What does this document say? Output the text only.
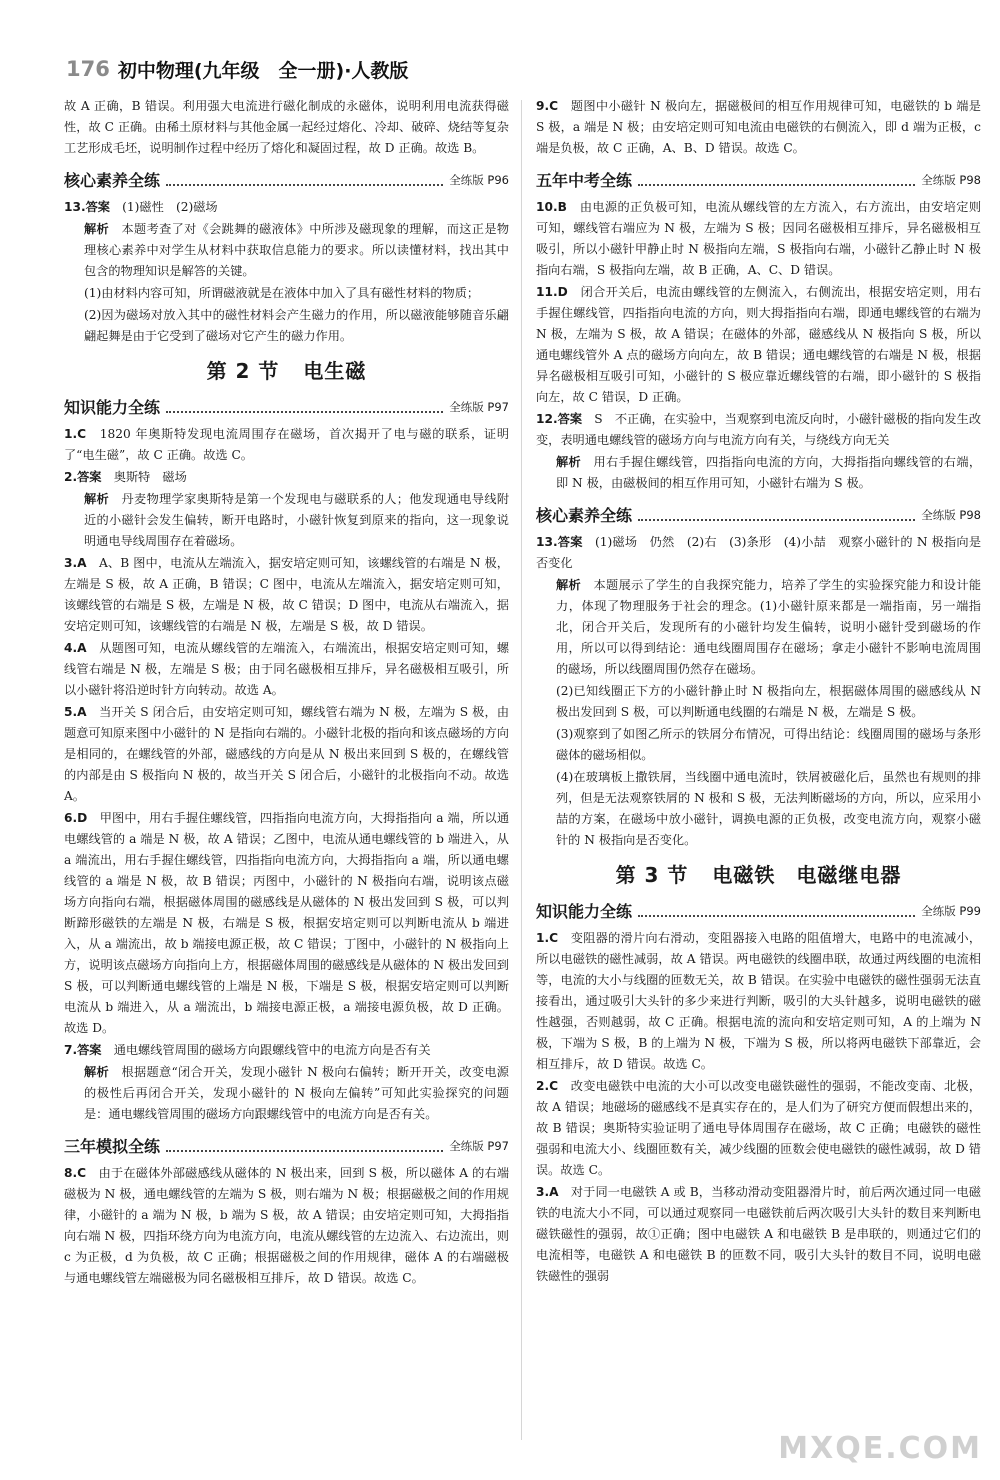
176 初中物理(九年级　全一册)·人教版

故 A 正确，B 错误。利用强大电流进行磁化制成的永磁体，说明利用电流获得磁性，故 C 正确。由稀土原材料与其他金属一起经过熔化、冷却、破碎、烧结等复杂工艺形成毛坯，说明制作过程中经历了熔化和凝固过程，故 D 正确。故选 B。

核心素养全练	全练版 P96

13.答案　 (1)磁性　(2)磁场

解析　 本题考查了对《会跳舞的磁液体》中所涉及磁现象的理解，而这正是物理核心素养中对学生从材料中获取信息能力的要求。所以读懂材料，找出其中包含的物理知识是解答的关键。

(1)由材料内容可知，所谓磁液就是在液体中加入了具有磁性材料的物质；

(2)因为磁场对放入其中的磁性材料会产生磁力的作用，所以磁液能够随音乐翩翩起舞是由于它受到了磁场对它产生的磁力作用。

第 2 节 电生磁
知识能力全练	全练版 P97

1.C　 1820 年奥斯特发现电流周围存在磁场，首次揭开了电与磁的联系，证明了“电生磁”，故 C 正确。故选 C。

2.答案　 奥斯特　磁场

解析　 丹麦物理学家奥斯特是第一个发现电与磁联系的人；他发现通电导线附近的小磁针会发生偏转，断开电路时，小磁针恢复到原来的指向，这一现象说明通电导线周围存在着磁场。

3.A　 A、B 图中，电流从左端流入，据安培定则可知，该螺线管的右端是 N 极，左端是 S 极，故 A 正确，B 错误；C 图中，电流从左端流入，据安培定则可知，该螺线管的右端是 S 极，左端是 N 极，故 C 错误；D 图中，电流从右端流入，据安培定则可知，该螺线管的右端是 N 极，左端是 S 极，故 D 错误。

4.A　 从题图可知，电流从螺线管的左端流入，右端流出，根据安培定则可知，螺线管右端是 N 极，左端是 S 极；由于同名磁极相互排斥，异名磁极相互吸引，所以小磁针将沿逆时针方向转动。故选 A。

5.A　 当开关 S 闭合后，由安培定则可知，螺线管右端为 N 极，左端为 S 极，由题意可知原来图中小磁针的 N 是指向右端的。小磁针北极的指向和该点磁场的方向是相同的，在螺线管的外部，磁感线的方向是从 N 极出来回到 S 极的，在螺线管的内部是由 S 极指向 N 极的，故当开关 S 闭合后，小磁针的北极指向不动。故选 A。

6.D　 甲图中，用右手握住螺线管，四指指向电流方向，大拇指指向 a 端，所以通电螺线管的 a 端是 N 极，故 A 错误；乙图中，电流从通电螺线管的 b 端进入，从 a 端流出，用右手握住螺线管，四指指向电流方向，大拇指指向 a 端，所以通电螺线管的 a 端是 N 极，故 B 错误；丙图中，小磁针的 N 极指向右端，说明该点磁场方向指向右端，根据磁体周围的磁感线是从磁体的 N 极出发回到 S 极，可以判断蹄形磁铁的左端是 N 极，右端是 S 极，根据安培定则可以判断电流从 b 端进入，从 a 端流出，故 b 端接电源正极，故 C 错误；丁图中，小磁针的 N 极指向上方，说明该点磁场方向指向上方，根据磁体周围的磁感线是从磁体的 N 极出发回到 S 极，可以判断通电螺线管的上端是 N 极，下端是 S 极，根据安培定则可以判断电流从 b 端进入，从 a 端流出，b 端接电源正极，a 端接电源负极，故 D 正确。故选 D。

7.答案　 通电螺线管周围的磁场方向跟螺线管中的电流方向是否有关

解析　 根据题意“闭合开关，发现小磁针 N 极向右偏转；断开开关，改变电源的极性后再闭合开关，发现小磁针的 N 极向左偏转”可知此实验探究的问题是：通电螺线管周围的磁场方向跟螺线管中的电流方向是否有关。

三年模拟全练	全练版 P97

8.C　 由于在磁体外部磁感线从磁体的 N 极出来，回到 S 极，所以磁体 A 的右端磁极为 N 极，通电螺线管的左端为 S 极，则右端为 N 极；根据磁极之间的作用规律，小磁针的 a 端为 N 极，b 端为 S 极，故 A 错误；由安培定则可知，大拇指指向右端 N 极，四指环绕方向为电流方向，电流从螺线管的左边流入、右边流出，则 c 为正极，d 为负极，故 C 正确；根据磁极之间的作用规律，磁体 A 的右端磁极与通电螺线管左端磁极为同名磁极相互排斥，故 D 错误。故选 C。

9.C　 题图中小磁针 N 极向左，据磁极间的相互作用规律可知，电磁铁的 b 端是 S 极，a 端是 N 极；由安培定则可知电流由电磁铁的右侧流入，即 d 端为正极，c 端是负极，故 C 正确，A、B、D 错误。故选 C。

五年中考全练	全练版 P98

10.B　 由电源的正负极可知，电流从螺线管的左方流入，右方流出，由安培定则可知，螺线管右端应为 N 极，左端为 S 极；因同名磁极相互排斥，异名磁极相互吸引，所以小磁针甲静止时 N 极指向左端，S 极指向右端，小磁针乙静止时 N 极指向右端，S 极指向左端，故 B 正确，A、C、D 错误。

11.D　 闭合开关后，电流由螺线管的左侧流入，右侧流出，根据安培定则，用右手握住螺线管，四指指向电流的方向，则大拇指指向右端，即通电螺线管的右端为 N 极，左端为 S 极，故 A 错误；在磁体的外部，磁感线从 N 极指向 S 极，所以通电螺线管外 A 点的磁场方向向左，故 B 错误；通电螺线管的右端是 N 极，根据异名磁极相互吸引可知，小磁针的 S 极应靠近螺线管的右端，即小磁针的 S 极指向左，故 C 错误，D 正确。

12.答案　 S　不正确，在实验中，当观察到电流反向时，小磁针磁极的指向发生改变，表明通电螺线管的磁场方向与电流方向有关，与绕线方向无关

解析　 用右手握住螺线管，四指指向电流的方向，大拇指指向螺线管的右端，即 N 极，由磁极间的相互作用可知，小磁针右端为 S 极。

核心素养全练	全练版 P98

13.答案　 (1)磁场　仍然　(2)右　(3)条形　(4)小喆　观察小磁针的 N 极指向是否变化

解析　 本题展示了学生的自我探究能力，培养了学生的实验探究能力和设计能力，体现了物理服务于社会的理念。(1)小磁针原来都是一端指南，另一端指北，闭合开关后，发现所有的小磁针均发生偏转，说明小磁针受到磁场的作用，所以可以得到结论：通电线圈周围存在磁场；拿走小磁针不影响电流周围的磁场，所以线圈周围仍然存在磁场。

(2)已知线圈正下方的小磁针静止时 N 极指向左，根据磁体周围的磁感线从 N 极出发回到 S 极，可以判断通电线圈的右端是 N 极，左端是 S 极。

(3)观察到了如图乙所示的铁屑分布情况，可得出结论：线圈周围的磁场与条形磁体的磁场相似。

(4)在玻璃板上撒铁屑，当线圈中通电流时，铁屑被磁化后，虽然也有规则的排列，但是无法观察铁屑的 N 极和 S 极，无法判断磁场的方向，所以，应采用小喆的方案，在磁场中放小磁针，调换电源的正负极，改变电流方向，观察小磁针的 N 极指向是否变化。

第 3 节 电磁铁　电磁继电器
知识能力全练	全练版 P99

1.C　 变阻器的滑片向右滑动，变阻器接入电路的阻值增大，电路中的电流减小，所以电磁铁的磁性减弱，故 A 错误。两电磁铁的线圈串联，故通过两线圈的电流相等，电流的大小与线圈的匝数无关，故 B 错误。在实验中电磁铁的磁性强弱无法直接看出，通过吸引大头针的多少来进行判断，吸引的大头针越多，说明电磁铁的磁性越强，否则越弱，故 C 正确。根据电流的流向和安培定则可知，A 的上端为 N 极，下端为 S 极，B 的上端为 N 极，下端为 S 极，所以将两电磁铁下部靠近，会相互排斥，故 D 错误。故选 C。

2.C　 改变电磁铁中电流的大小可以改变电磁铁磁性的强弱，不能改变南、北极，故 A 错误；地磁场的磁感线不是真实存在的，是人们为了研究方便而假想出来的，故 B 错误；奥斯特实验证明了通电导体周围存在磁场，故 C 正确；电磁铁的磁性强弱和电流大小、线圈匝数有关，减少线圈的匝数会使电磁铁的磁性减弱，故 D 错误。故选 C。

3.A　 对于同一电磁铁 A 或 B，当移动滑动变阻器滑片时，前后两次通过同一电磁铁的电流大小不同，可以通过观察同一电磁铁前后两次吸引大头针的数目来判断电磁铁磁性的强弱，故①正确；图中电磁铁 A 和电磁铁 B 是串联的，则通过它们的电流相等，电磁铁 A 和电磁铁 B 的匝数不同，吸引大头针的数目不同，说明电磁铁磁性的强弱

MXQE.COM
